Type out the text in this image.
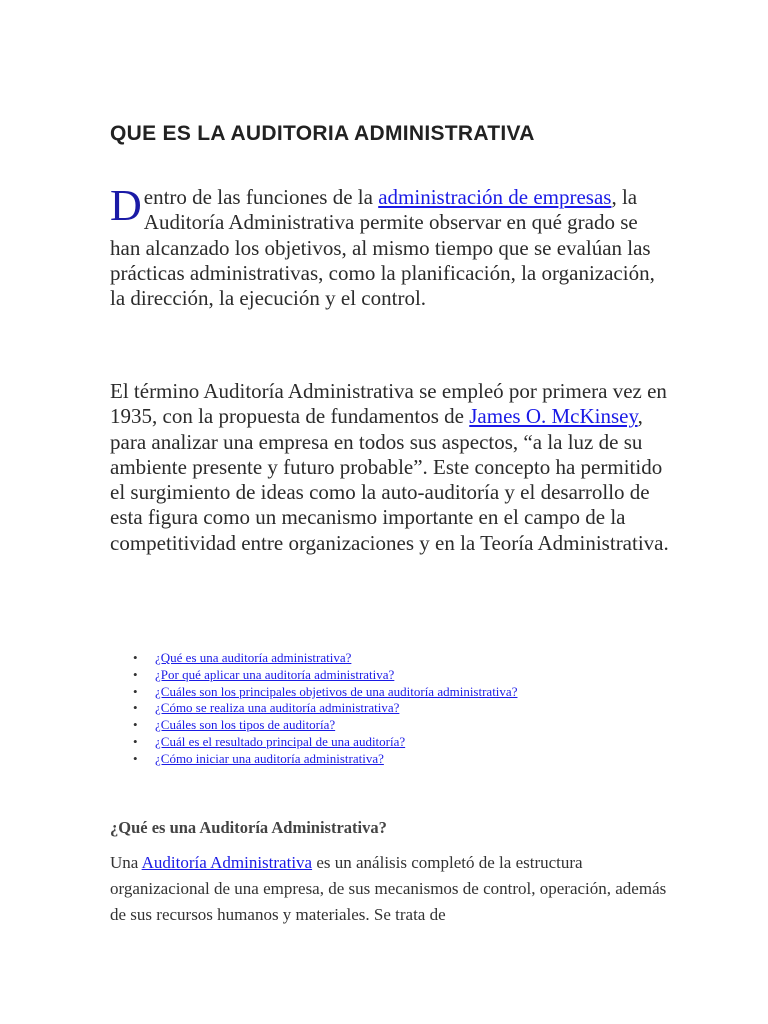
QUE ES LA AUDITORIA ADMINISTRATIVA

Dentro de las funciones de la administración de empresas, la Auditoría Administrativa permite observar en qué grado se han alcanzado los objetivos, al mismo tiempo que se evalúan las prácticas administrativas, como la planificación, la organización, la dirección, la ejecución y el control.

El término Auditoría Administrativa se empleó por primera vez en 1935, con la propuesta de fundamentos de James O. McKinsey, para analizar una empresa en todos sus aspectos, “a la luz de su ambiente presente y futuro probable”. Este concepto ha permitido el surgimiento de ideas como la auto-auditoría y el desarrollo de esta figura como un mecanismo importante en el campo de la competitividad entre organizaciones y en la Teoría Administrativa.

• ¿Qué es una auditoría administrativa?
• ¿Por qué aplicar una auditoría administrativa?
• ¿Cuáles son los principales objetivos de una auditoría administrativa?
• ¿Cómo se realiza una auditoría administrativa?
• ¿Cuáles son los tipos de auditoría?
• ¿Cuál es el resultado principal de una auditoría?
• ¿Cómo iniciar una auditoría administrativa?
¿Qué es una Auditoría Administrativa?

Una Auditoría Administrativa es un análisis completó de la estructura organizacional de una empresa, de sus mecanismos de control, operación, además de sus recursos humanos y materiales. Se trata de
